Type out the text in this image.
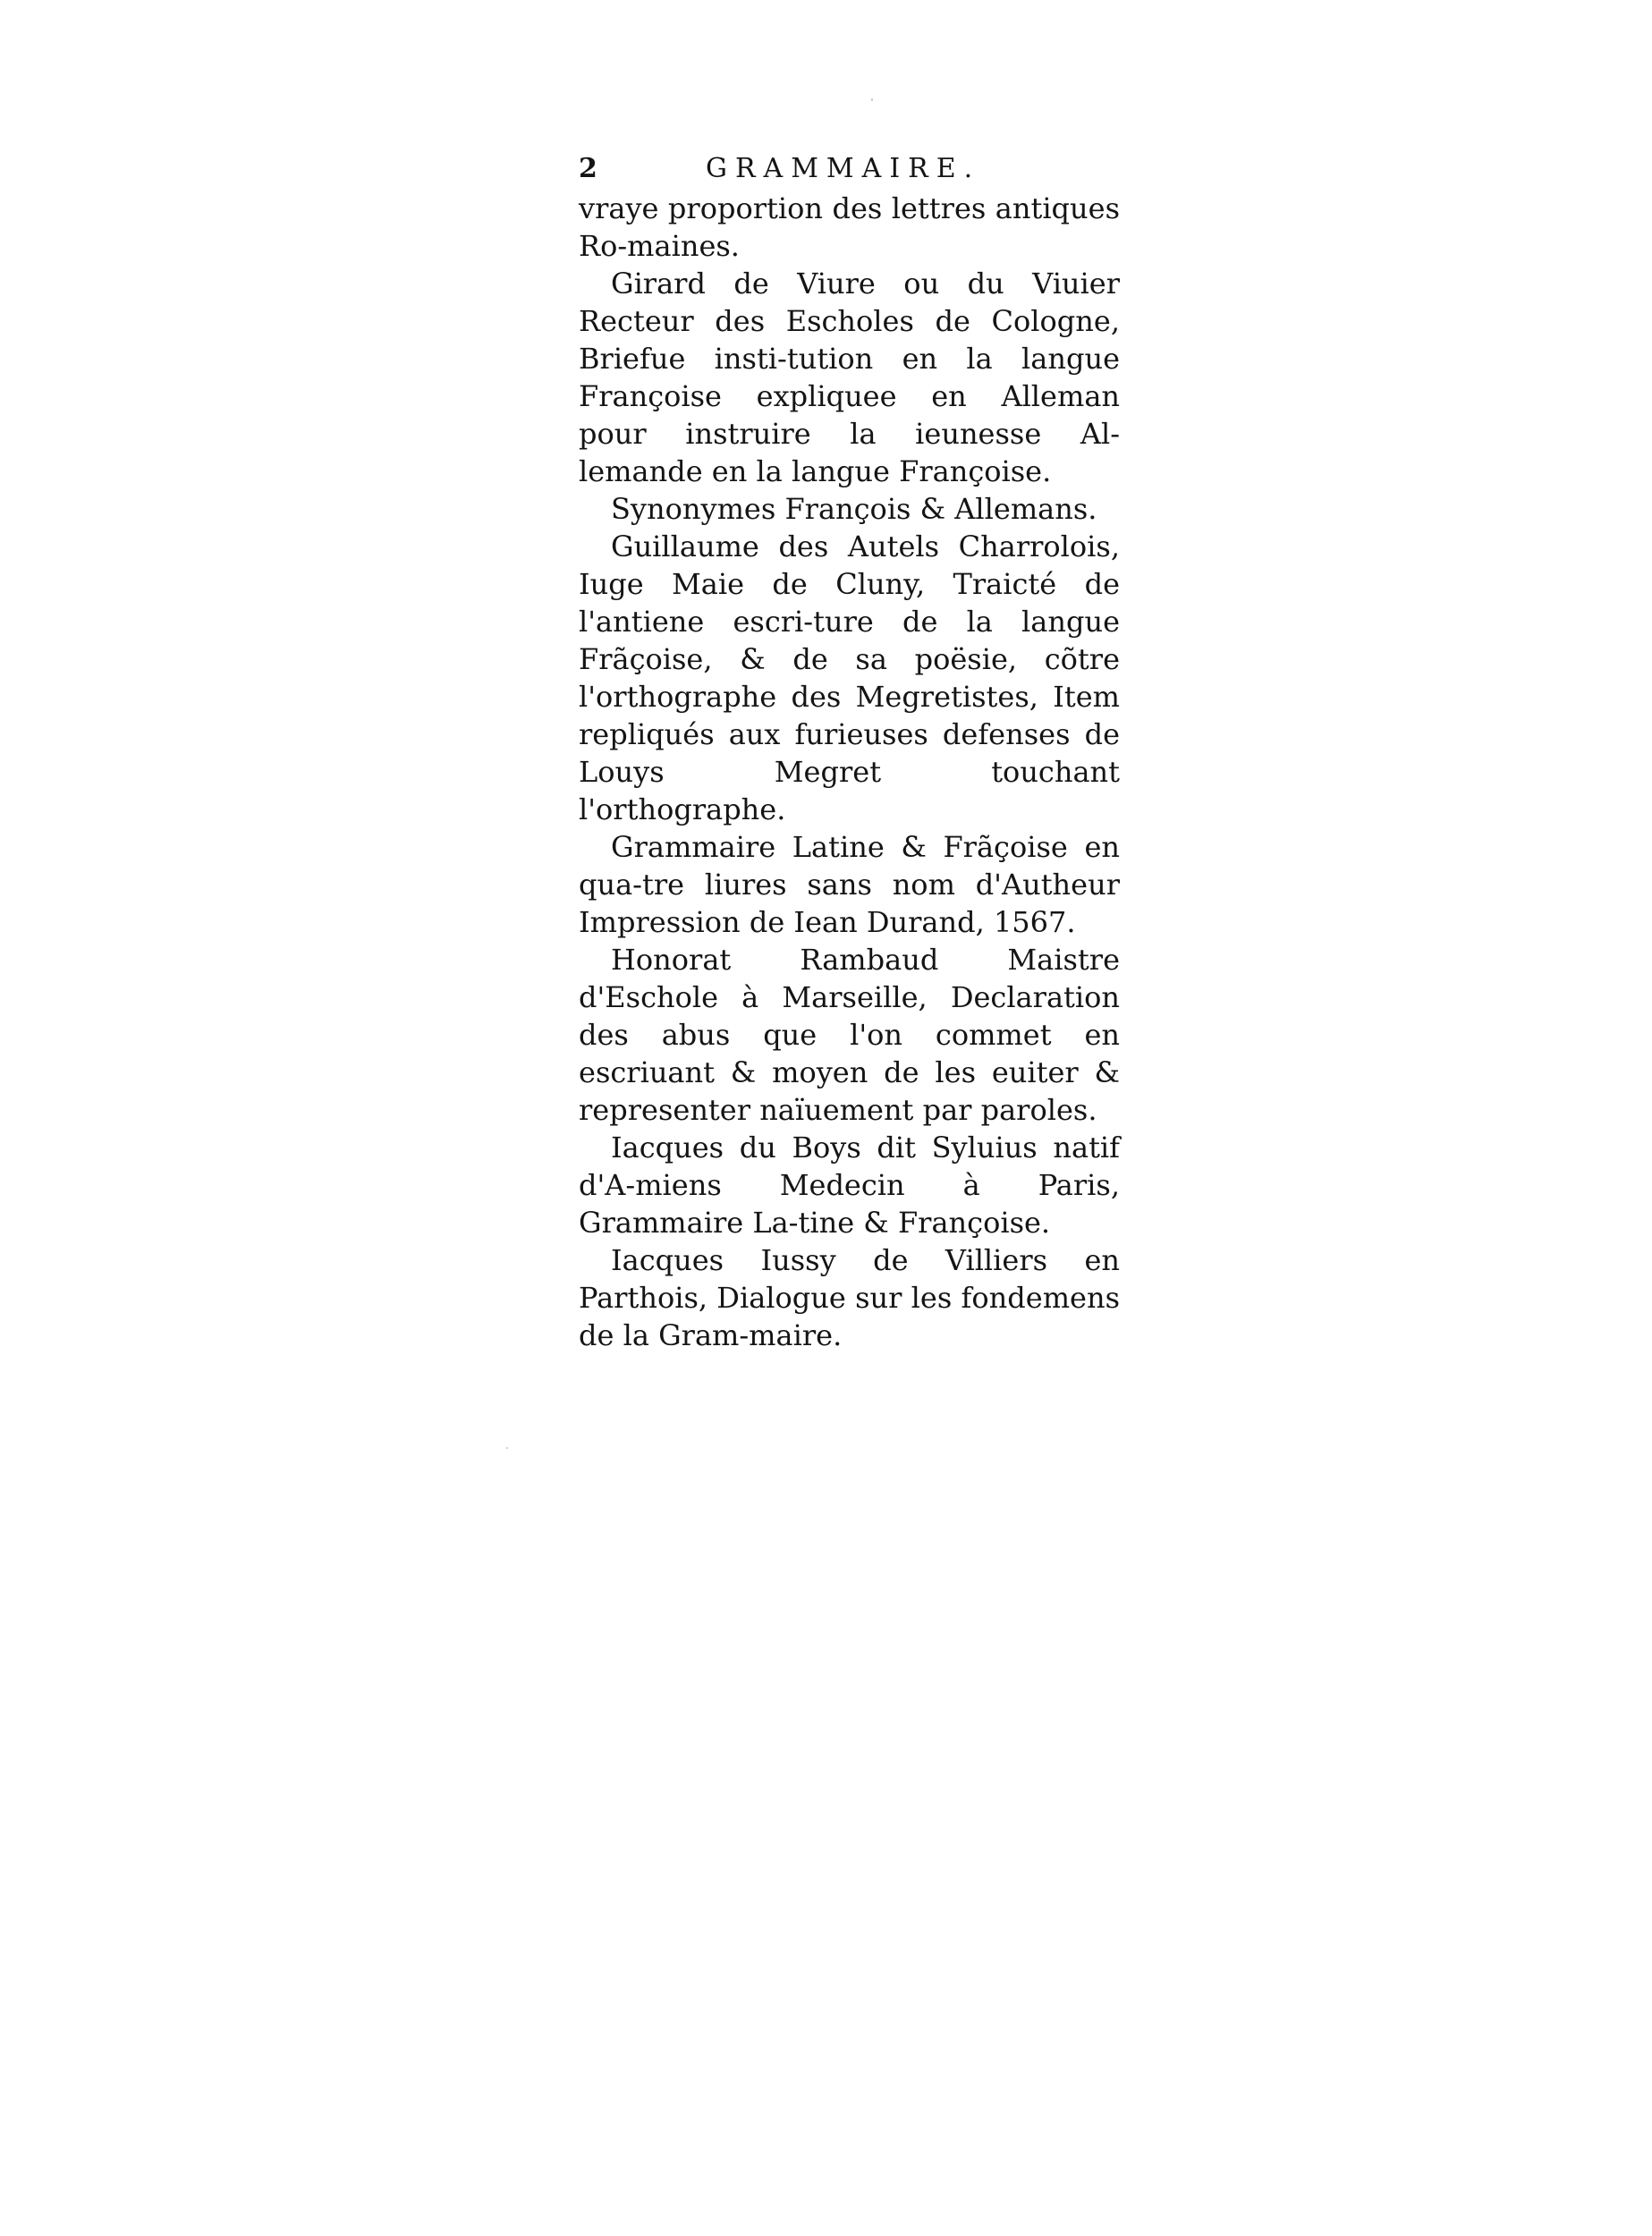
2	GRAMMAIRE.

vraye proportion des lettres antiques Ro-maines.

Girard de Viure ou du Viuier Recteur des Escholes de Cologne, Briefue insti-tution en la langue Françoise expliquee en Alleman pour instruire la ieunesse Al-lemande en la langue Françoise.

Synonymes François & Allemans.

Guillaume des Autels Charrolois, Iuge Maie de Cluny, Traicté de l'antiene escri-ture de la langue Frãçoise, & de sa poësie, cõtre l'orthographe des Megretistes, Item repliqués aux furieuses defenses de Louys Megret touchant l'orthographe.

Grammaire Latine & Frãçoise en qua-tre liures sans nom d'Autheur Impression de Iean Durand, 1567.

Honorat Rambaud Maistre d'Eschole à Marseille, Declaration des abus que l'on commet en escriuant & moyen de les euiter & representer naïuement par paroles.

Iacques du Boys dit Syluius natif d'A-miens Medecin à Paris, Grammaire La-tine & Françoise.

Iacques Iussy de Villiers en Parthois, Dialogue sur les fondemens de la Gram-maire.
